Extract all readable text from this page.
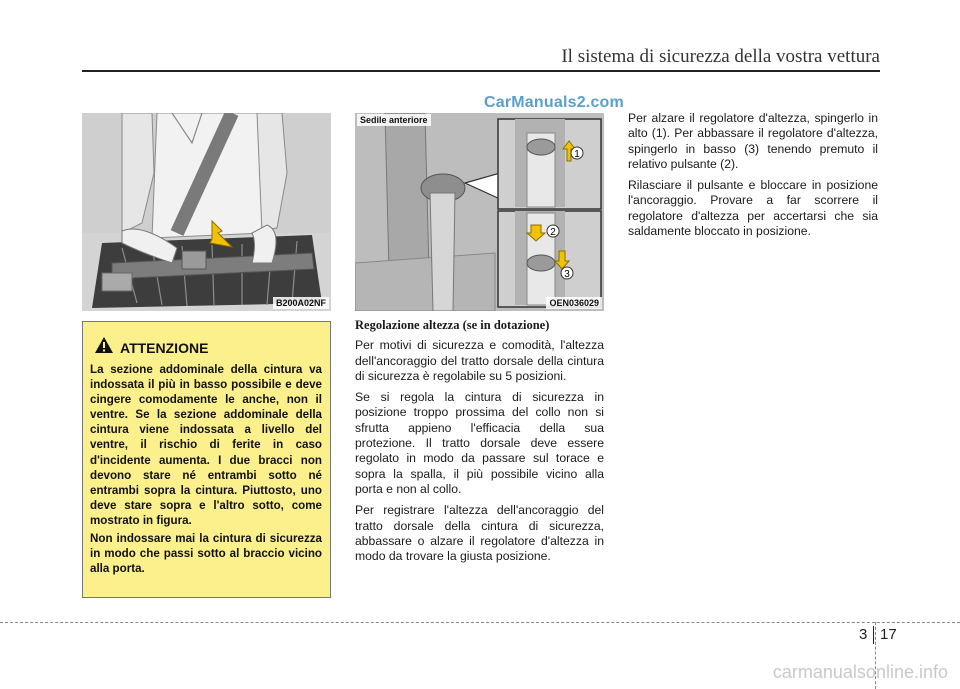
Il sistema di sicurezza della vostra vettura
CarManuals2.com
B200A02NF
1
2
3
Sedile anteriore
OEN036029
ATTENZIONE

La sezione addominale della cintura va indossata il più in basso possibile e deve cingere comodamente le anche, non il ventre. Se la sezione addominale della cintura viene indossata a livello del ventre, il rischio di ferite in caso d'incidente aumenta. I due bracci non devono stare né entrambi sotto né entrambi sopra la cintura. Piuttosto, uno deve stare sopra e l'altro sotto, come mostrato in figura.

Non indossare mai la cintura di sicurezza in modo che passi sotto al braccio vicino alla porta.

Regolazione altezza (se in dotazione)

Per motivi di sicurezza e comodità, l'altezza dell'ancoraggio del tratto dorsale della cintura di sicurezza è regolabile su 5 posizioni.

Se si regola la cintura di sicurezza in posizione troppo prossima del collo non si sfrutta appieno l'efficacia della sua protezione. Il tratto dorsale deve essere regolato in modo da passare sul torace e sopra la spalla, il più possibile vicino alla porta e non al collo.

Per registrare l'altezza dell'ancoraggio del tratto dorsale della cintura di sicurezza, abbassare o alzare il regolatore d'altezza in modo da trovare la giusta posizione.

Per alzare il regolatore d'altezza, spingerlo in alto (1). Per abbassare il regolatore d'altezza, spingerlo in basso (3) tenendo premuto il relativo pulsante (2).

Rilasciare il pulsante e bloccare in posizione l'ancoraggio. Provare a far scorrere il regolatore d'altezza per accertarsi che sia saldamente bloccato in posizione.

3 17
carmanualsonline.info
